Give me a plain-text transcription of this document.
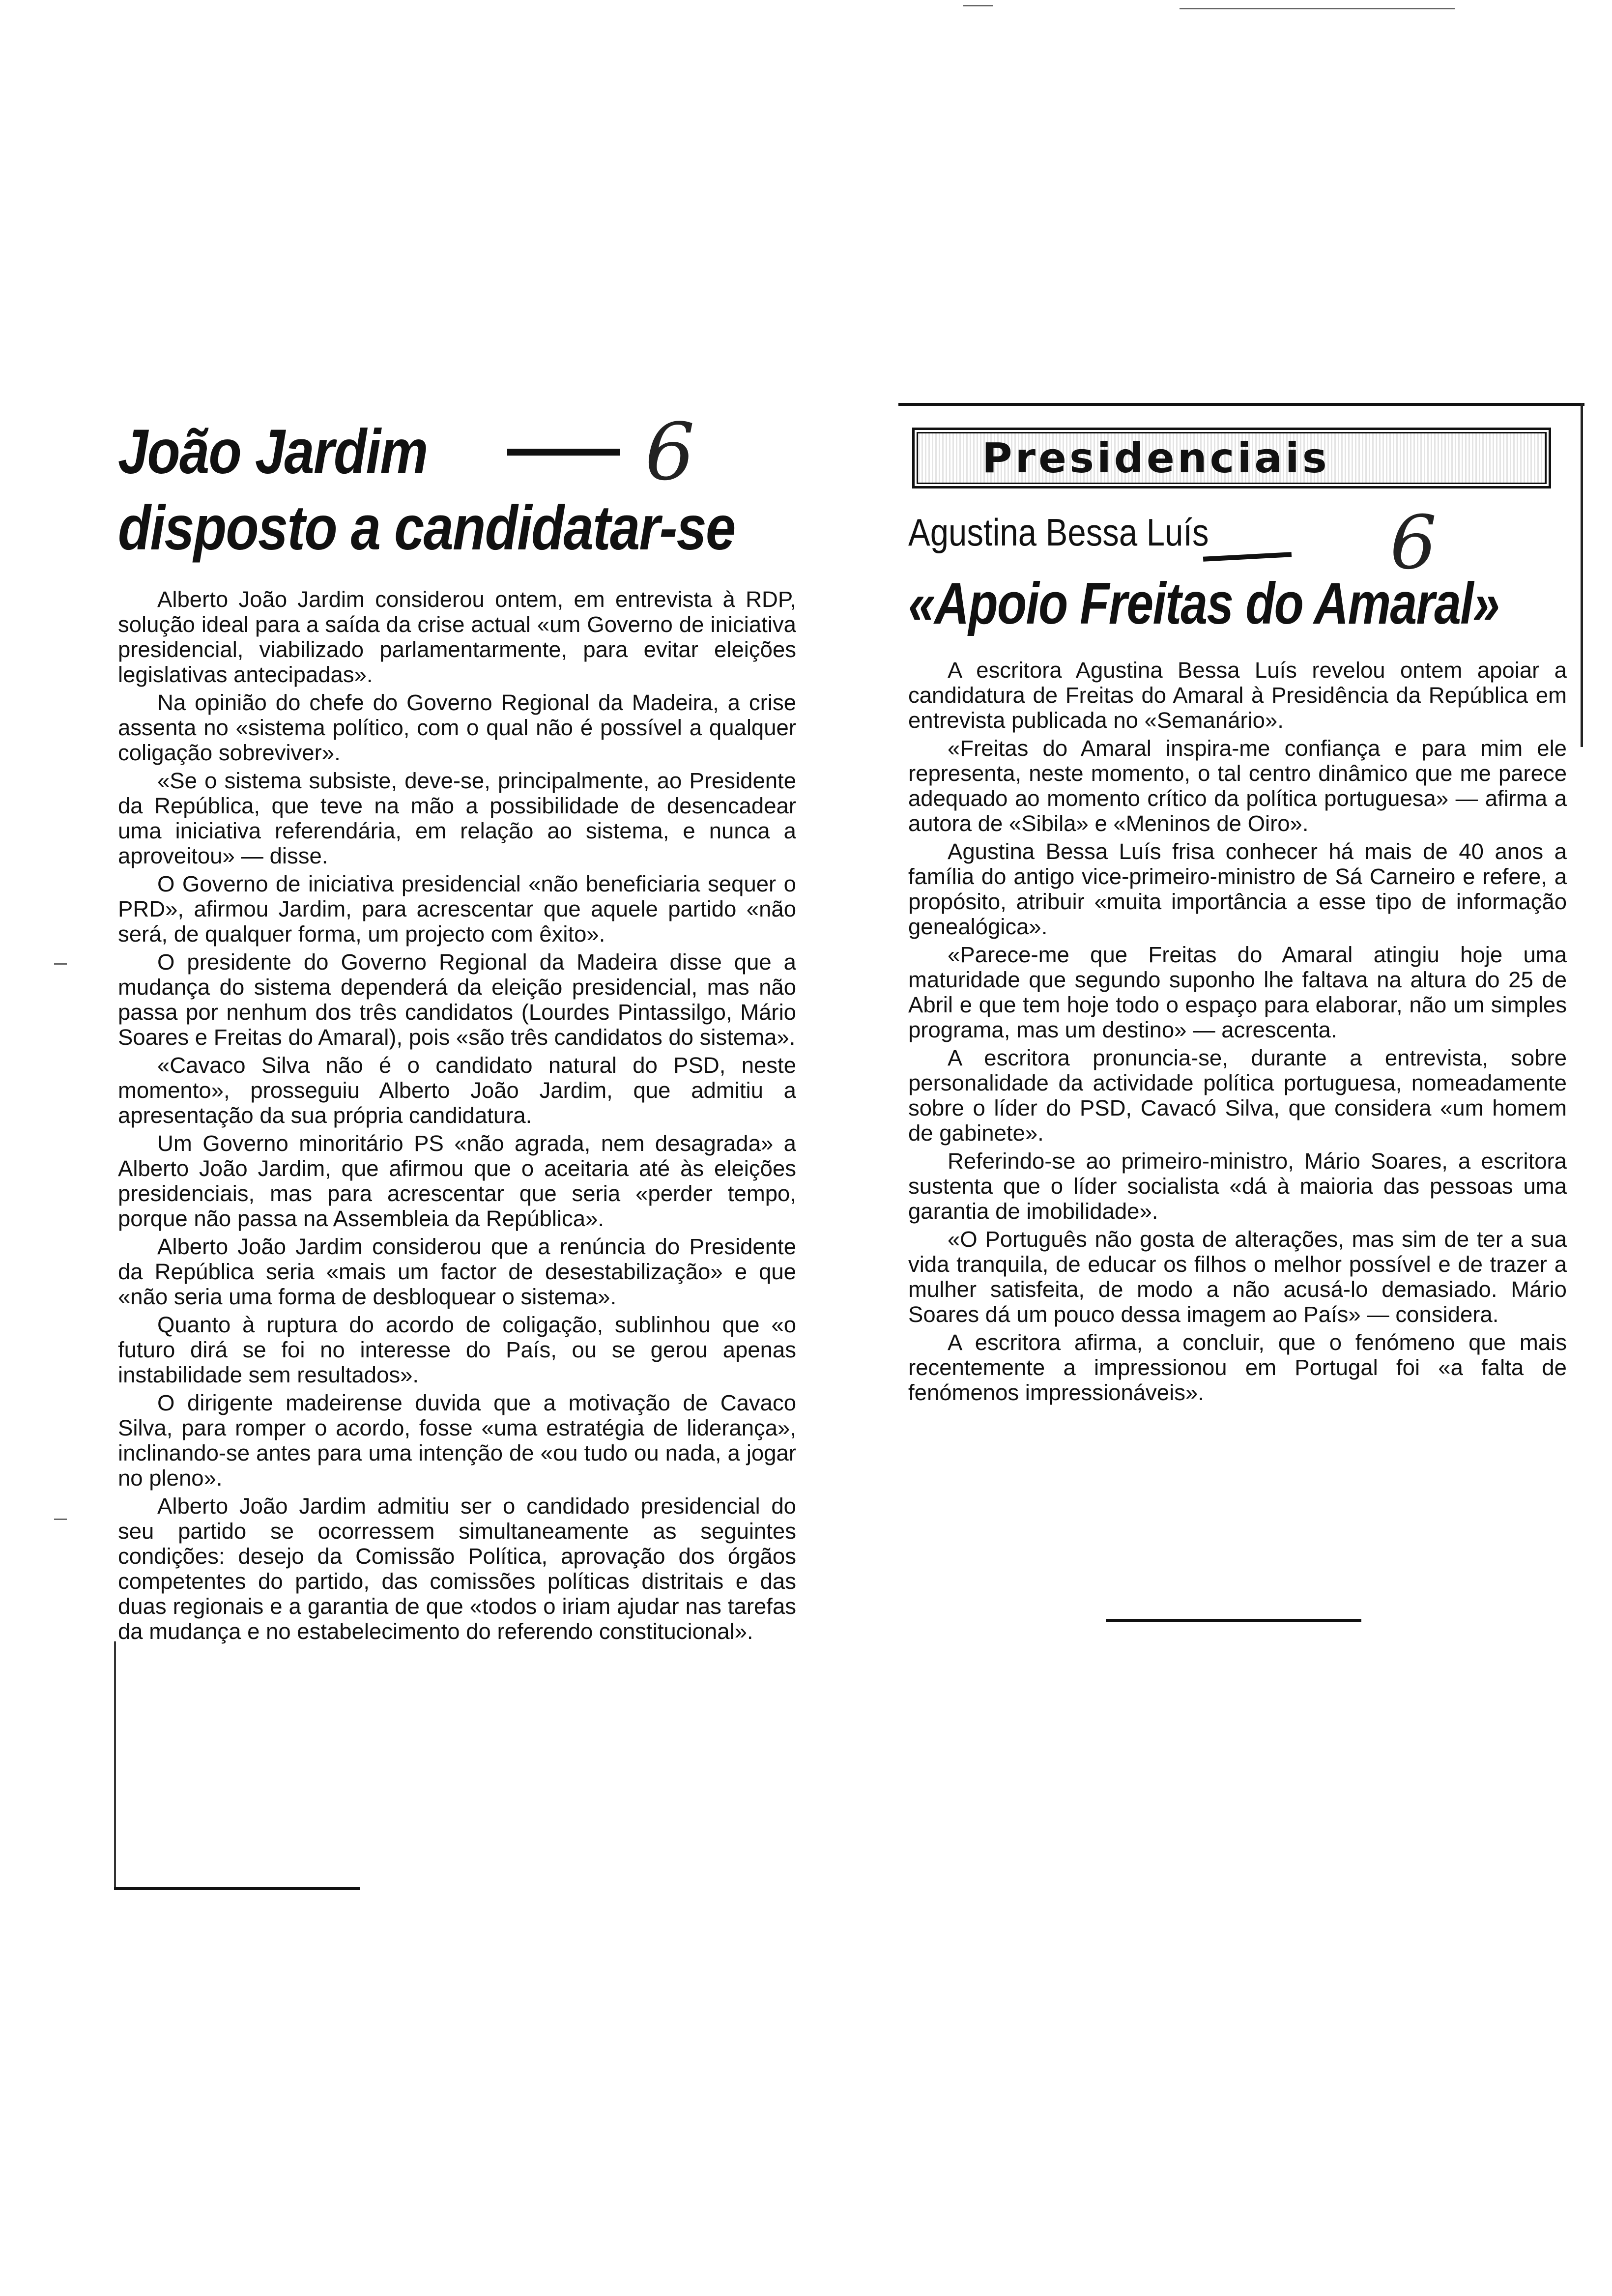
João Jardim	6
disposto a candidatar-se

Alberto João Jardim considerou ontem, em entrevista à RDP, solução ideal para a saída da crise actual «um Governo de iniciativa presidencial, viabilizado parlamentarmente, para evitar eleições legislativas antecipadas».

Na opinião do chefe do Governo Regional da Madeira, a crise assenta no «sistema político, com o qual não é possível a qualquer coligação sobreviver».

«Se o sistema subsiste, deve-se, principalmente, ao Presidente da República, que teve na mão a possibilidade de desencadear uma iniciativa referendária, em relação ao sistema, e nunca a aproveitou» — disse.

O Governo de iniciativa presidencial «não beneficiaria sequer o PRD», afirmou Jardim, para acrescentar que aquele partido «não será, de qualquer forma, um projecto com êxito».

O presidente do Governo Regional da Madeira disse que a mudança do sistema dependerá da eleição presidencial, mas não passa por nenhum dos três candidatos (Lourdes Pintassilgo, Mário Soares e Freitas do Amaral), pois «são três candidatos do sistema».

«Cavaco Silva não é o candidato natural do PSD, neste momento», prosseguiu Alberto João Jardim, que admitiu a apresentação da sua própria candidatura.

Um Governo minoritário PS «não agrada, nem desagrada» a Alberto João Jardim, que afirmou que o aceitaria até às eleições presidenciais, mas para acrescentar que seria «perder tempo, porque não passa na Assembleia da República».

Alberto João Jardim considerou que a renúncia do Presidente da República seria «mais um factor de desestabilização» e que «não seria uma forma de desbloquear o sistema».

Quanto à ruptura do acordo de coligação, sublinhou que «o futuro dirá se foi no interesse do País, ou se gerou apenas instabilidade sem resultados».

O dirigente madeirense duvida que a motivação de Cavaco Silva, para romper o acordo, fosse «uma estratégia de liderança», inclinando-se antes para uma intenção de «ou tudo ou nada, a jogar no pleno».

Alberto João Jardim admitiu ser o candidado presidencial do seu partido se ocorressem simultaneamente as seguintes condições: desejo da Comissão Política, aprovação dos órgãos competentes do partido, das comissões políticas distritais e das duas regionais e a garantia de que «todos o iriam ajudar nas tarefas da mudança e no estabelecimento do referendo constitucional».

Presidenciais
Agustina Bessa Luís 6
«Apoio Freitas do Amaral»

A escritora Agustina Bessa Luís revelou ontem apoiar a candidatura de Freitas do Amaral à Presidência da República em entrevista publicada no «Semanário».

«Freitas do Amaral inspira-me confiança e para mim ele representa, neste momento, o tal centro dinâmico que me parece adequado ao momento crítico da política portuguesa» — afirma a autora de «Sibila» e «Meninos de Oiro».

Agustina Bessa Luís frisa conhecer há mais de 40 anos a família do antigo vice-primeiro-ministro de Sá Carneiro e refere, a propósito, atribuir «muita importância a esse tipo de informação genealógica».

«Parece-me que Freitas do Amaral atingiu hoje uma maturidade que segundo suponho lhe faltava na altura do 25 de Abril e que tem hoje todo o espaço para elaborar, não um simples programa, mas um destino» — acrescenta.

A escritora pronuncia-se, durante a entrevista, sobre personalidade da actividade política portuguesa, nomeadamente sobre o líder do PSD, Cavacó Silva, que considera «um homem de gabinete».

Referindo-se ao primeiro-ministro, Mário Soares, a escritora sustenta que o líder socialista «dá à maioria das pessoas uma garantia de imobilidade».

«O Português não gosta de alterações, mas sim de ter a sua vida tranquila, de educar os filhos o melhor possível e de trazer a mulher satisfeita, de modo a não acusá-lo demasiado. Mário Soares dá um pouco dessa imagem ao País» — considera.

A escritora afirma, a concluir, que o fenómeno que mais recentemente a impressionou em Portugal foi «a falta de fenómenos impressionáveis».
